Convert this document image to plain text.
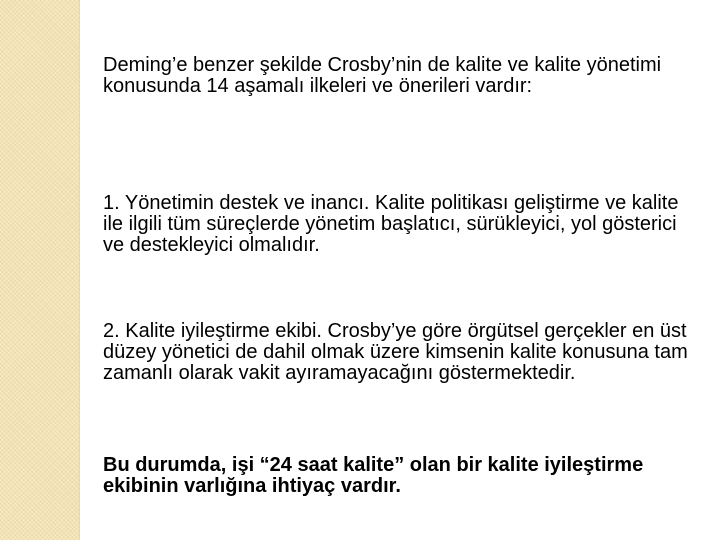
Deming’e benzer şekilde Crosby’nin de kalite ve kalite yönetimi konusunda 14 aşamalı ilkeleri ve önerileri vardır:

1. Yönetimin destek ve inancı. Kalite politikası geliştirme ve kalite ile ilgili tüm süreçlerde yönetim başlatıcı, sürükleyici, yol gösterici ve destekleyici olmalıdır.

2. Kalite iyileştirme ekibi. Crosby’ye göre örgütsel gerçekler en üst düzey yönetici de dahil olmak üzere kimsenin kalite konusuna tam zamanlı olarak vakit ayıramayacağını göstermektedir.

Bu durumda, işi “24 saat kalite” olan bir kalite iyileştirme ekibinin varlığına ihtiyaç vardır.
